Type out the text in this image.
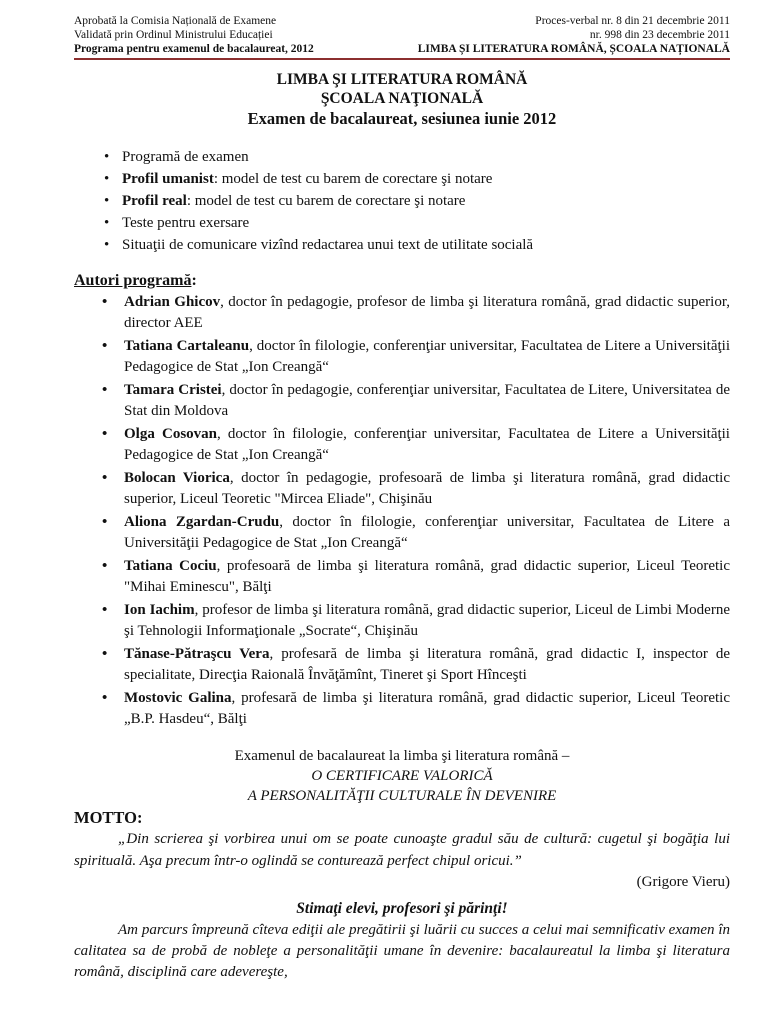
Aprobată la Comisia Națională de Examene
Validată prin Ordinul Ministrului Educației
Programa pentru examenul de bacalaureat, 2012
Proces-verbal nr. 8 din 21 decembrie 2011
nr. 998 din 23 decembrie 2011
LIMBA ȘI LITERATURA ROMÂNĂ, ȘCOALA NAȚIONALĂ
LIMBA ŞI LITERATURA ROMÂNĂ
ŞCOALA NAŢIONALĂ
Examen de bacalaureat, sesiunea iunie 2012
• Programă de examen
• Profil umanist: model de test cu barem de corectare şi notare
• Profil real: model de test cu barem de corectare şi notare
• Teste pentru exersare
• Situaţii de comunicare vizînd redactarea unui text de utilitate socială
Autori programă:
• Adrian Ghicov, doctor în pedagogie, profesor de limba şi literatura română, grad didactic superior, director AEE
• Tatiana Cartaleanu, doctor în filologie, conferenţiar universitar, Facultatea de Litere a Universităţii Pedagogice de Stat „Ion Creangă“
• Tamara Cristei, doctor în pedagogie, conferenţiar universitar, Facultatea de Litere, Universitatea de Stat din Moldova
• Olga Cosovan, doctor în filologie, conferenţiar universitar, Facultatea de Litere a Universităţii Pedagogice de Stat „Ion Creangă“
• Bolocan Viorica, doctor în pedagogie, profesoară de limba şi literatura română, grad didactic superior, Liceul Teoretic "Mircea Eliade", Chişinău
• Aliona Zgardan-Crudu, doctor în filologie, conferenţiar universitar, Facultatea de Litere a Universităţii Pedagogice de Stat „Ion Creangă“
• Tatiana Cociu, profesoară de limba şi literatura română, grad didactic superior, Liceul Teoretic "Mihai Eminescu", Bălţi
• Ion Iachim, profesor de limba şi literatura română, grad didactic superior, Liceul de Limbi Moderne şi Tehnologii Informaţionale „Socrate“, Chişinău
• Tănase-Pătraşcu Vera, profesară de limba şi literatura română, grad didactic I, inspector de specialitate, Direcţia Raională Învăţămînt, Tineret şi Sport Hînceşti
• Mostovic Galina, profesară de limba şi literatura română, grad didactic superior, Liceul Teoretic „B.P. Hasdeu“, Bălţi
Examenul de bacalaureat la limba şi literatura română –
O CERTIFICARE VALORICĂ
A PERSONALITĂŢII CULTURALE ÎN DEVENIRE
MOTTO:
„Din scrierea şi vorbirea unui om se poate cunoaşte gradul său de cultură: cugetul şi bogăţia lui spirituală. Aşa precum într-o oglindă se conturează perfect chipul oricui.”
(Grigore Vieru)
Stimaţi elevi, profesori şi părinţi!
Am parcurs împreună cîteva ediţii ale pregătirii şi luării cu succes a celui mai semnificativ examen în calitatea sa de probă de nobleţe a personalităţii umane în devenire: bacalaureatul la limba şi literatura română, disciplină care adevereşte,
